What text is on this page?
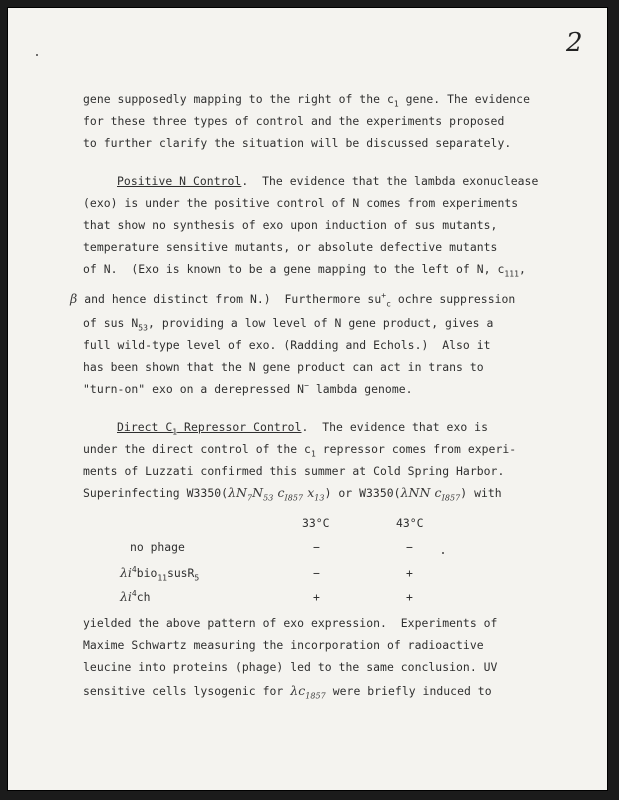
2
gene supposedly mapping to the right of the $c_1$ gene. The evidence
for these three types of control and the experiments proposed
to further clarify the situation will be discussed separately.
Positive N Control.  The evidence that the lambda exonuclease
(exo) is under the positive control of N comes from experiments
that show no synthesis of exo upon induction of sus mutants,
temperature sensitive mutants, or absolute defective mutants
of N.  (Exo is known to be a gene mapping to the left of N, $c_{111}$,
β and hence distinct from N.)  Furthermore $su^+_c$ ochre suppression
of sus $N_{53}$, providing a low level of N gene product, gives a
full wild-type level of exo. (Radding and Echols.)  Also it
has been shown that the N gene product can act in trans to
"turn-on" exo on a derepressed N− lambda genome.
Direct $C_1$ Repressor Control.  The evidence that exo is
under the direct control of the $c_1$ repressor comes from experi-
ments of Luzzati confirmed this summer at Cold Spring Harbor.
Superinfecting $W3350(\lambda N_7N_{53}$ $c_{I857}$ $x_{13}$) or W3350(λNN $c_{I857}$) with
33°C	43°C
no phage	−	−
$\lambda i^4bio_{11}susR_5$	−	+
$\lambda i^4ch$	+	+
yielded the above pattern of exo expression.  Experiments of
Maxime Schwartz measuring the incorporation of radioactive
leucine into proteins (phage) led to the same conclusion. UV
sensitive cells lysogenic for $\lambda c_{1857}$ were briefly induced to
